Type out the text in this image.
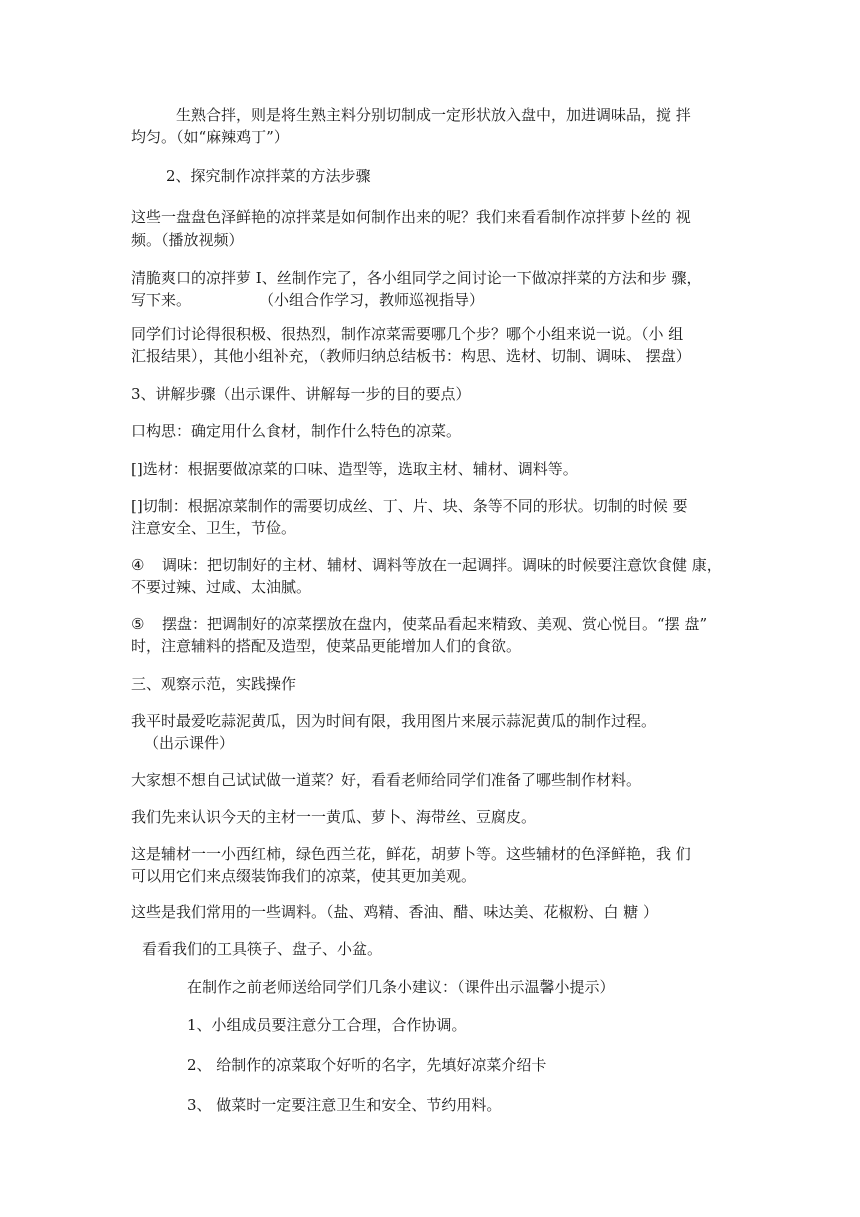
生熟合拌，则是将生熟主料分别切制成一定形状放入盘中，加进调味品，搅 拌
均匀。（如“麻辣鸡丁”）
2、探究制作凉拌菜的方法步骤
这些一盘盘色泽鲜艳的凉拌菜是如何制作出来的呢？我们来看看制作凉拌萝卜丝的 视
频。（播放视频）
清脆爽口的凉拌萝 I、丝制作完了，各小组同学之间讨论一下做凉拌菜的方法和步 骤，
写下来。	（小组合作学习，教师巡视指导）
同学们讨论得很积极、很热烈，制作凉菜需要哪几个步？哪个小组来说一说。（小 组
汇报结果），其他小组补充，（教师归纳总结板书：构思、选材、切制、调味、 摆盘）
3、讲解步骤（出示课件、讲解每一步的目的要点）
口构思：确定用什么食材，制作什么特色的凉菜。
[]选材：根据要做凉菜的口味、造型等，选取主材、辅材、调料等。
[]切制：根据凉菜制作的需要切成丝、丁、片、块、条等不同的形状。切制的时候 要
注意安全、卫生，节俭。
④ 调味：把切制好的主材、辅材、调料等放在一起调拌。调味的时候要注意饮食健 康，
不要过辣、过咸、太油腻。
⑤ 摆盘：把调制好的凉菜摆放在盘内，使菜品看起来精致、美观、赏心悦目。“摆 盘”
时，注意辅料的搭配及造型，使菜品更能增加人们的食欲。
三、观察示范，实践操作
我平时最爱吃蒜泥黄瓜，因为时间有限，我用图片来展示蒜泥黄瓜的制作过程。
（出示课件）
大家想不想自己试试做一道菜？好，看看老师给同学们准备了哪些制作材料。
我们先来认识今天的主材一一黄瓜、萝卜、海带丝、豆腐皮。
这是辅材一一小西红柿，绿色西兰花，鲜花，胡萝卜等。这些辅材的色泽鲜艳，我 们
可以用它们来点缀装饰我们的凉菜，使其更加美观。
这些是我们常用的一些调料。（盐、鸡精、香油、醋、味达美、花椒粉、白 糖 ）
看看我们的工具筷子、盘子、小盆。
在制作之前老师送给同学们几条小建议：（课件出示温馨小提示）
1、小组成员要注意分工合理，合作协调。
2、 给制作的凉菜取个好听的名字，先填好凉菜介绍卡
3、 做菜时一定要注意卫生和安全、节约用料。
